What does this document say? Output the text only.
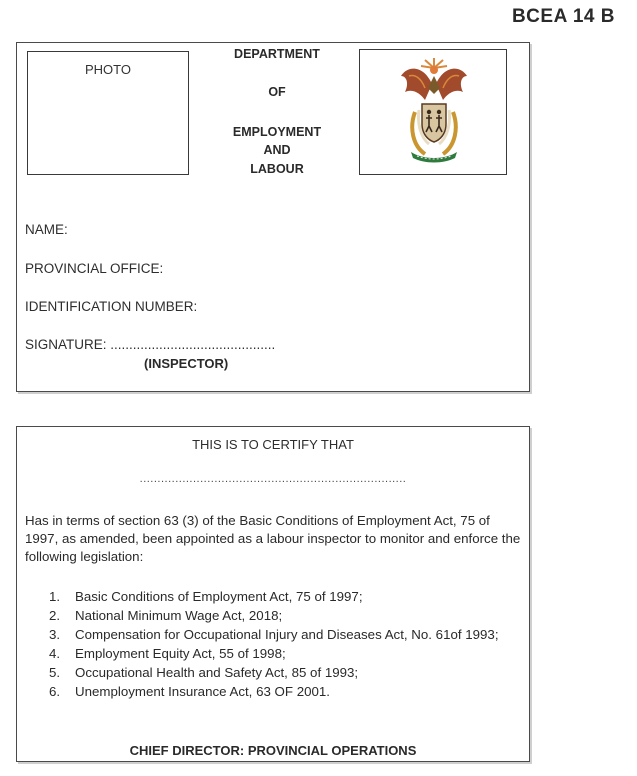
BCEA 14 B
PHOTO
DEPARTMENT
OF
EMPLOYMENT
AND
LABOUR
NAME:
PROVINCIAL OFFICE:
IDENTIFICATION NUMBER:
SIGNATURE: ............................................
(INSPECTOR)
THIS IS TO CERTIFY THAT
...........................................................................
Has in terms of section 63 (3) of the Basic Conditions of Employment Act, 75 of 1997, as amended, been appointed as a labour inspector to monitor and enforce the following legislation:
1.	Basic Conditions of Employment Act, 75 of 1997;
2.	National Minimum Wage Act, 2018;
3.	Compensation for Occupational Injury and Diseases Act, No. 61of 1993;
4.	Employment Equity Act, 55 of 1998;
5.	Occupational Health and Safety Act, 85 of 1993;
6.	Unemployment Insurance Act, 63 OF 2001.
CHIEF DIRECTOR: PROVINCIAL OPERATIONS
